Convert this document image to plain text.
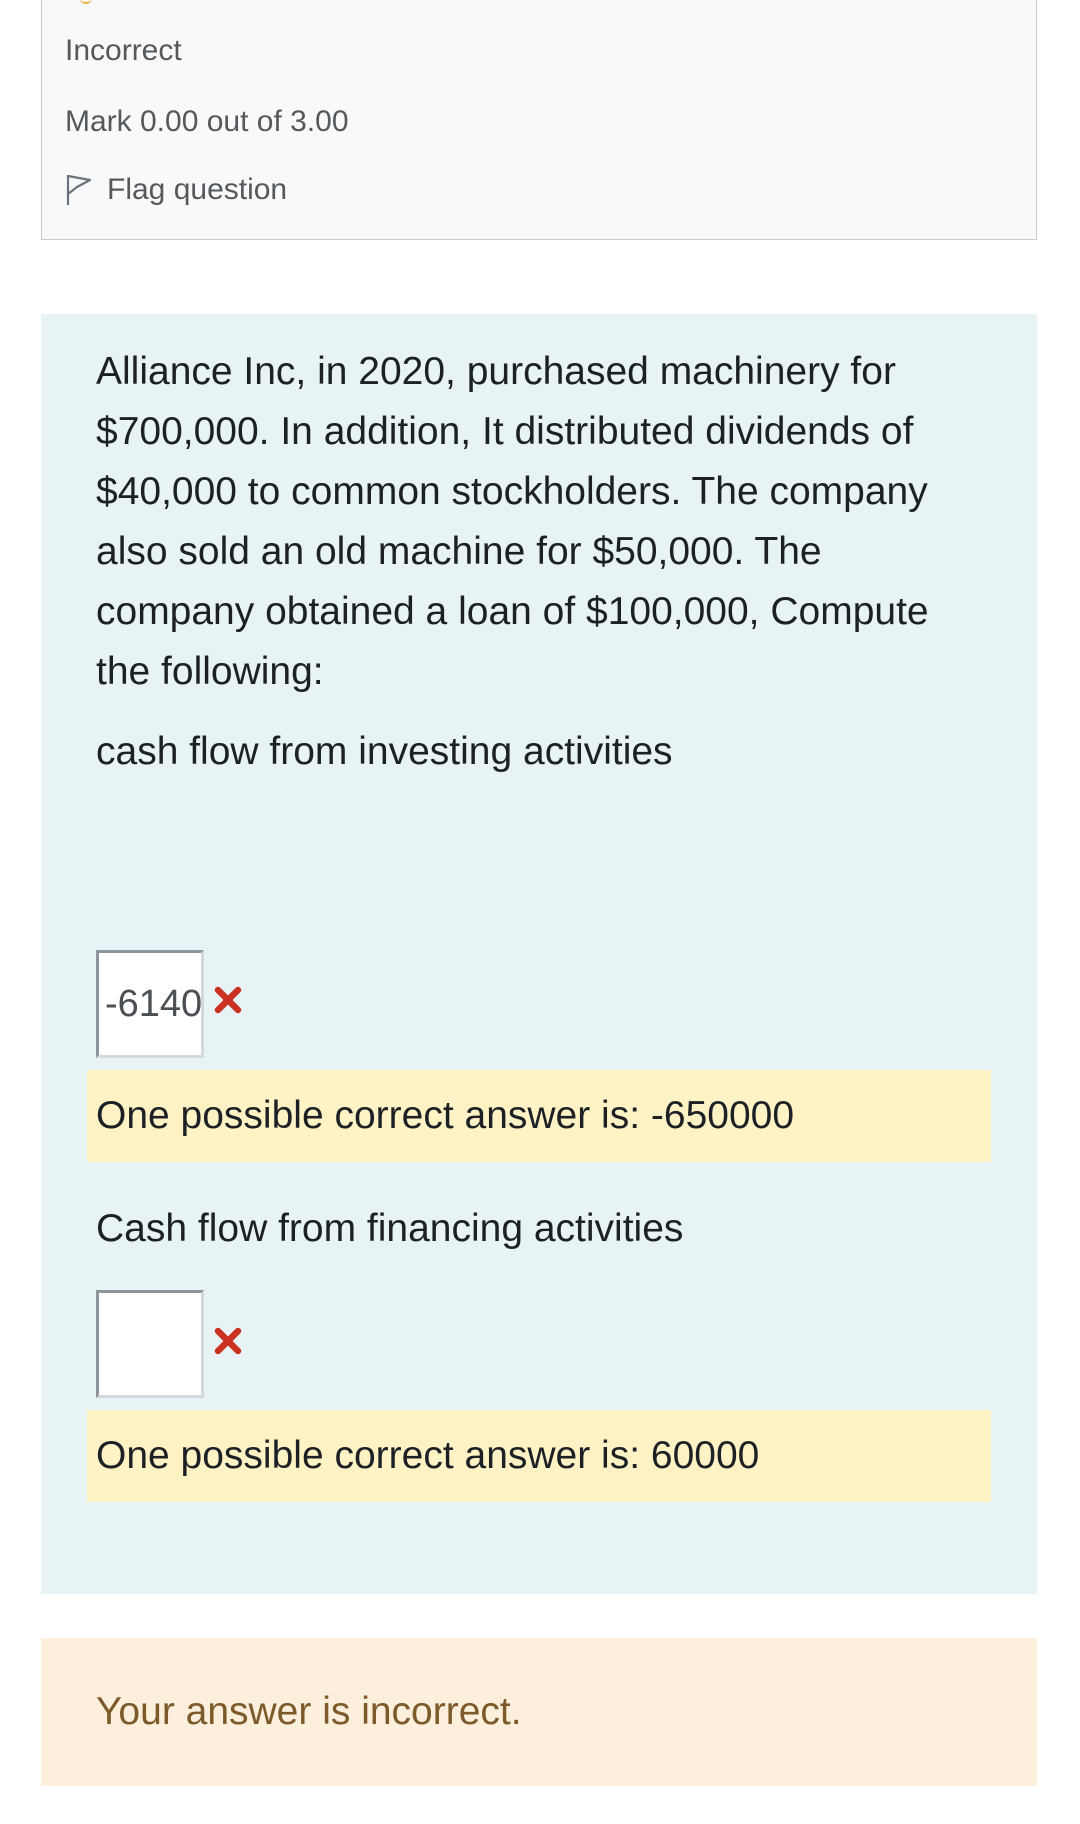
Incorrect
Mark 0.00 out of 3.00
Flag question
Alliance Inc, in 2020, purchased machinery for $700,000. In addition, It distributed dividends of $40,000 to common stockholders. The company also sold an old machine for $50,000. The company obtained a loan of $100,000, Compute the following:
cash flow from investing activities
-61400
One possible correct answer is: -650000
Cash flow from financing activities
One possible correct answer is: 60000
Your answer is incorrect.
